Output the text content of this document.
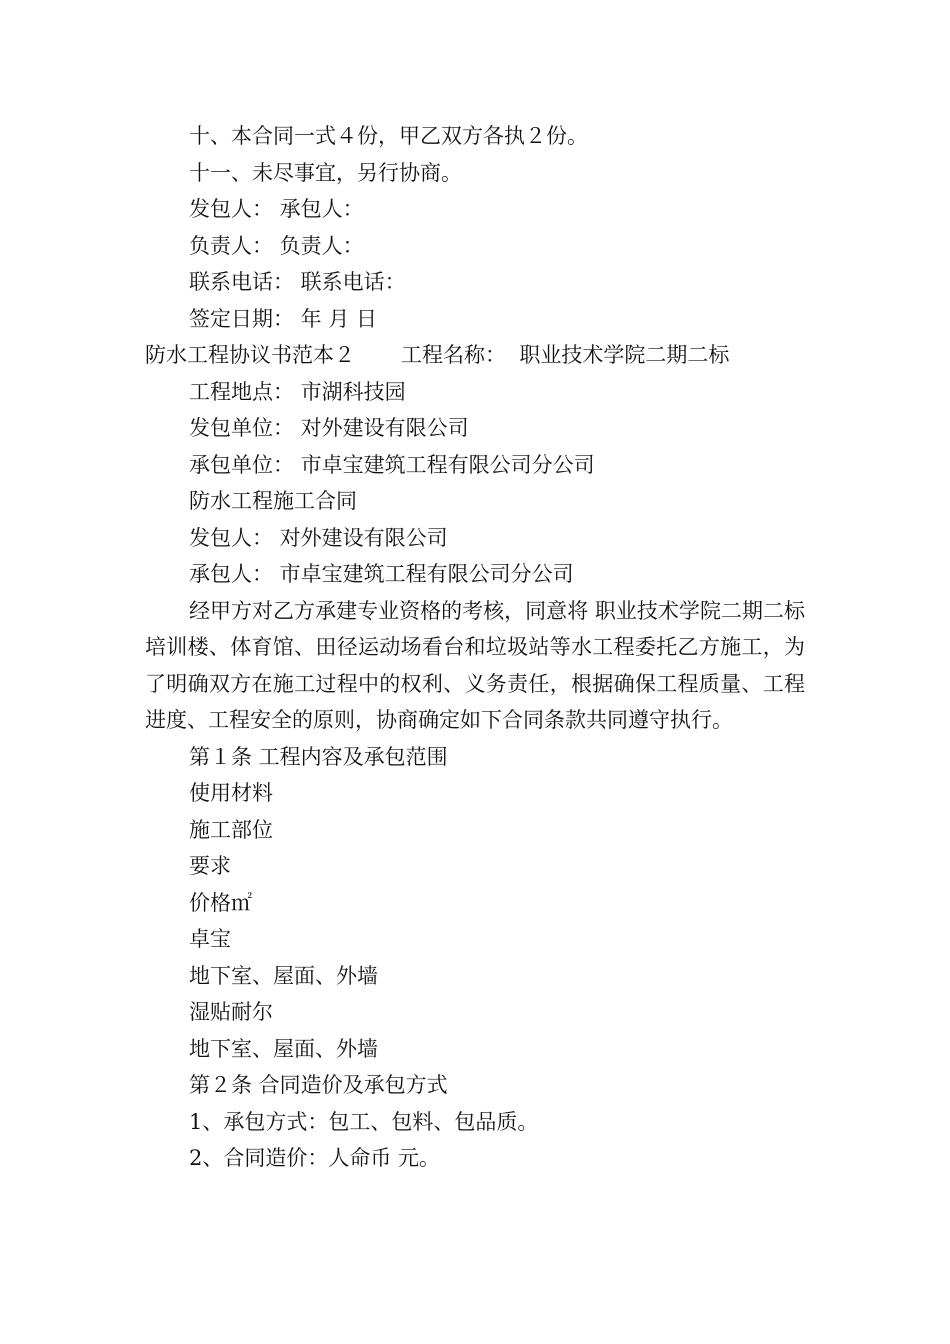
十、本合同一式４份，甲乙双方各执２份。
十一、未尽事宜，另行协商。
发包人： 承包人：
负责人： 负责人：
联系电话： 联系电话：
签定日期： 年 月 日
防水工程协议书范本２ 工程名称： 职业技术学院二期二标
工程地点： 市湖科技园
发包单位： 对外建设有限公司
承包单位： 市卓宝建筑工程有限公司分公司
防水工程施工合同
发包人： 对外建设有限公司
承包人： 市卓宝建筑工程有限公司分公司

经甲方对乙方承建专业资格的考核，同意将 职业技术学院二期二标培训楼、体育馆、田径运动场看台和垃圾站等水工程委托乙方施工，为了明确双方在施工过程中的权利、义务责任，根据确保工程质量、工程进度、工程安全的原则，协商确定如下合同条款共同遵守执行。

第１条 工程内容及承包范围
使用材料
施工部位
要求
价格㎡
卓宝
地下室、屋面、外墙
湿贴耐尔
地下室、屋面、外墙
第２条 合同造价及承包方式
1、承包方式：包工、包料、包品质。
2、合同造价：人命币 元。
